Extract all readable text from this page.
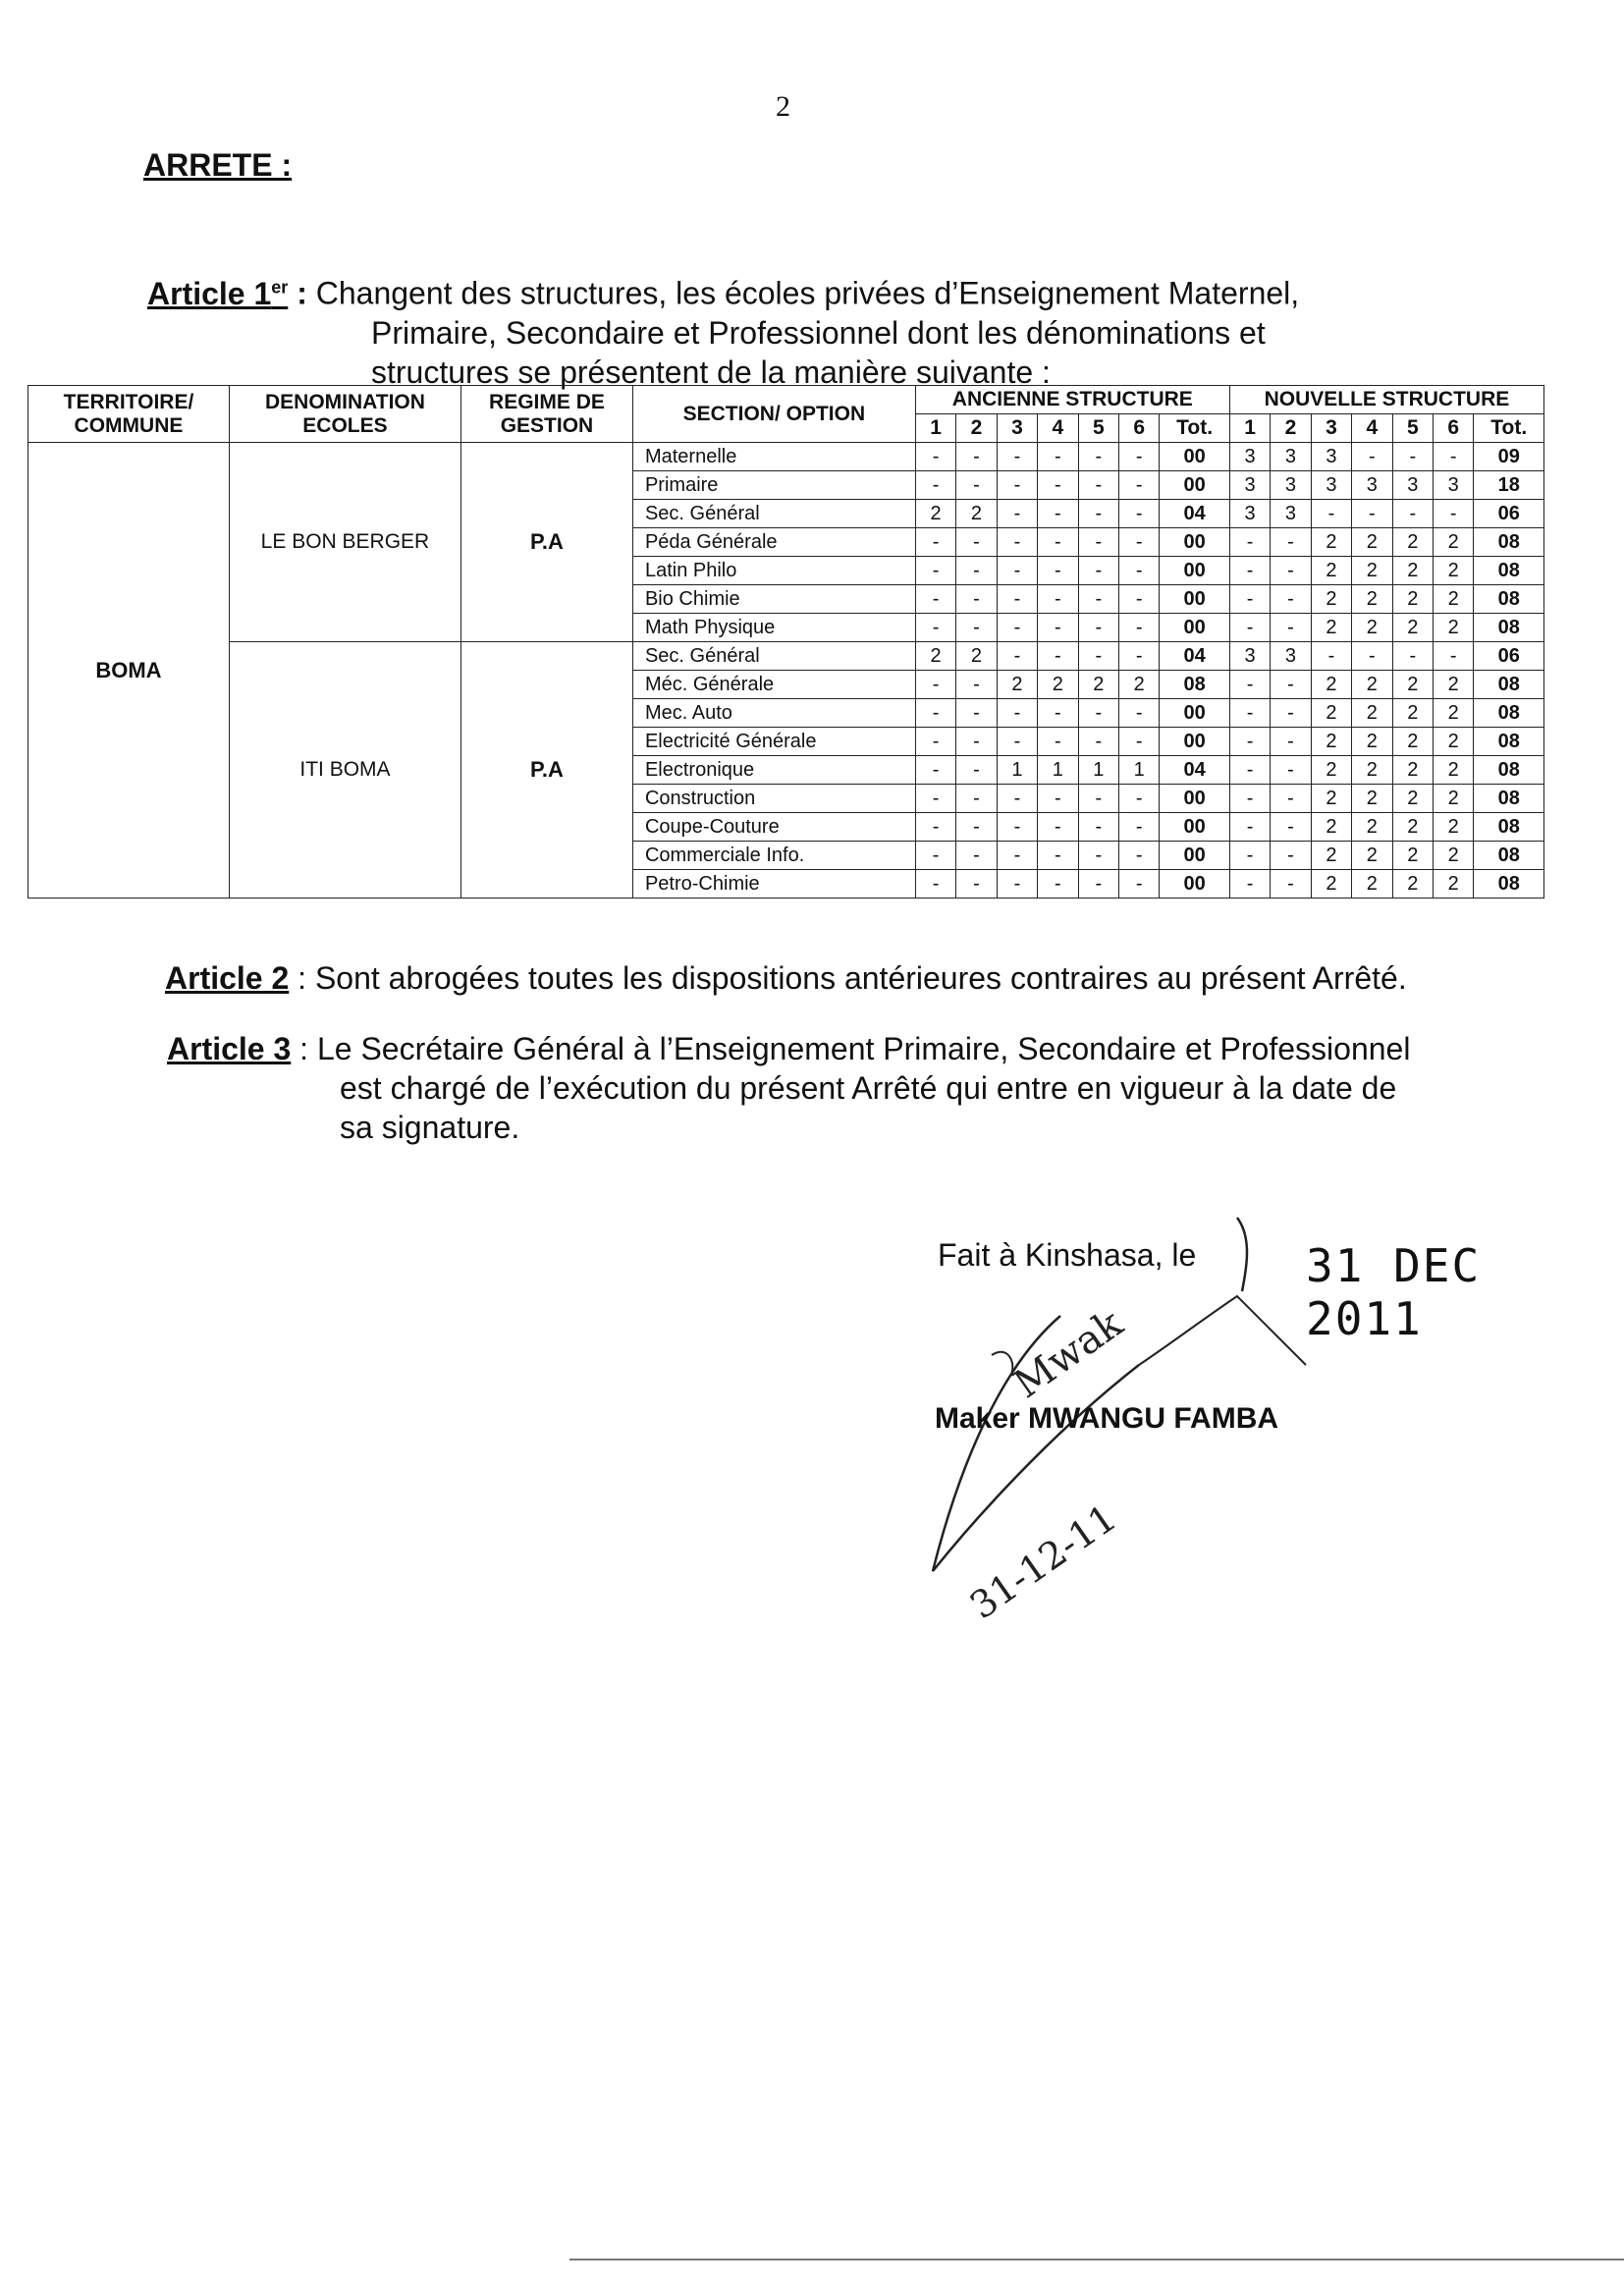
2
ARRETE :
Article 1er : Changent des structures, les écoles privées d’Enseignement Maternel,
Primaire, Secondaire et Professionnel dont les dénominations et
structures se présentent de la manière suivante :
TERRITOIRE/ COMMUNE	DENOMINATION ECOLES	REGIME DE GESTION	SECTION/ OPTION	ANCIENNE STRUCTURE							NOUVELLE STRUCTURE						
				1	2	3	4	5	6	Tot.	1	2	3	4	5	6	Tot.
BOMA	LE BON BERGER	P.A	Maternelle	-	-	-	-	-	-	00	3	3	3	-	-	-	09
			Primaire	-	-	-	-	-	-	00	3	3	3	3	3	3	18
			Sec. Général	2	2	-	-	-	-	04	3	3	-	-	-	-	06
			Péda Générale	-	-	-	-	-	-	00	-	-	2	2	2	2	08
			Latin Philo	-	-	-	-	-	-	00	-	-	2	2	2	2	08
			Bio Chimie	-	-	-	-	-	-	00	-	-	2	2	2	2	08
			Math Physique	-	-	-	-	-	-	00	-	-	2	2	2	2	08
	ITI BOMA	P.A	Sec. Général	2	2	-	-	-	-	04	3	3	-	-	-	-	06
			Méc. Générale	-	-	2	2	2	2	08	-	-	2	2	2	2	08
			Mec. Auto	-	-	-	-	-	-	00	-	-	2	2	2	2	08
			Electricité Générale	-	-	-	-	-	-	00	-	-	2	2	2	2	08
			Electronique	-	-	1	1	1	1	04	-	-	2	2	2	2	08
			Construction	-	-	-	-	-	-	00	-	-	2	2	2	2	08
			Coupe-Couture	-	-	-	-	-	-	00	-	-	2	2	2	2	08
			Commerciale Info.	-	-	-	-	-	-	00	-	-	2	2	2	2	08
			Petro-Chimie	-	-	-	-	-	-	00	-	-	2	2	2	2	08
Article 2 : Sont abrogées toutes les dispositions antérieures contraires au présent Arrêté.
Article 3 : Le Secrétaire Général à l’Enseignement Primaire, Secondaire et Professionnel
est chargé de l’exécution du présent Arrêté qui entre en vigueur à la date de
sa signature.
Fait à Kinshasa, le 31 DEC 2011
Mwak
31-12-11
Maker MWANGU FAMBA
